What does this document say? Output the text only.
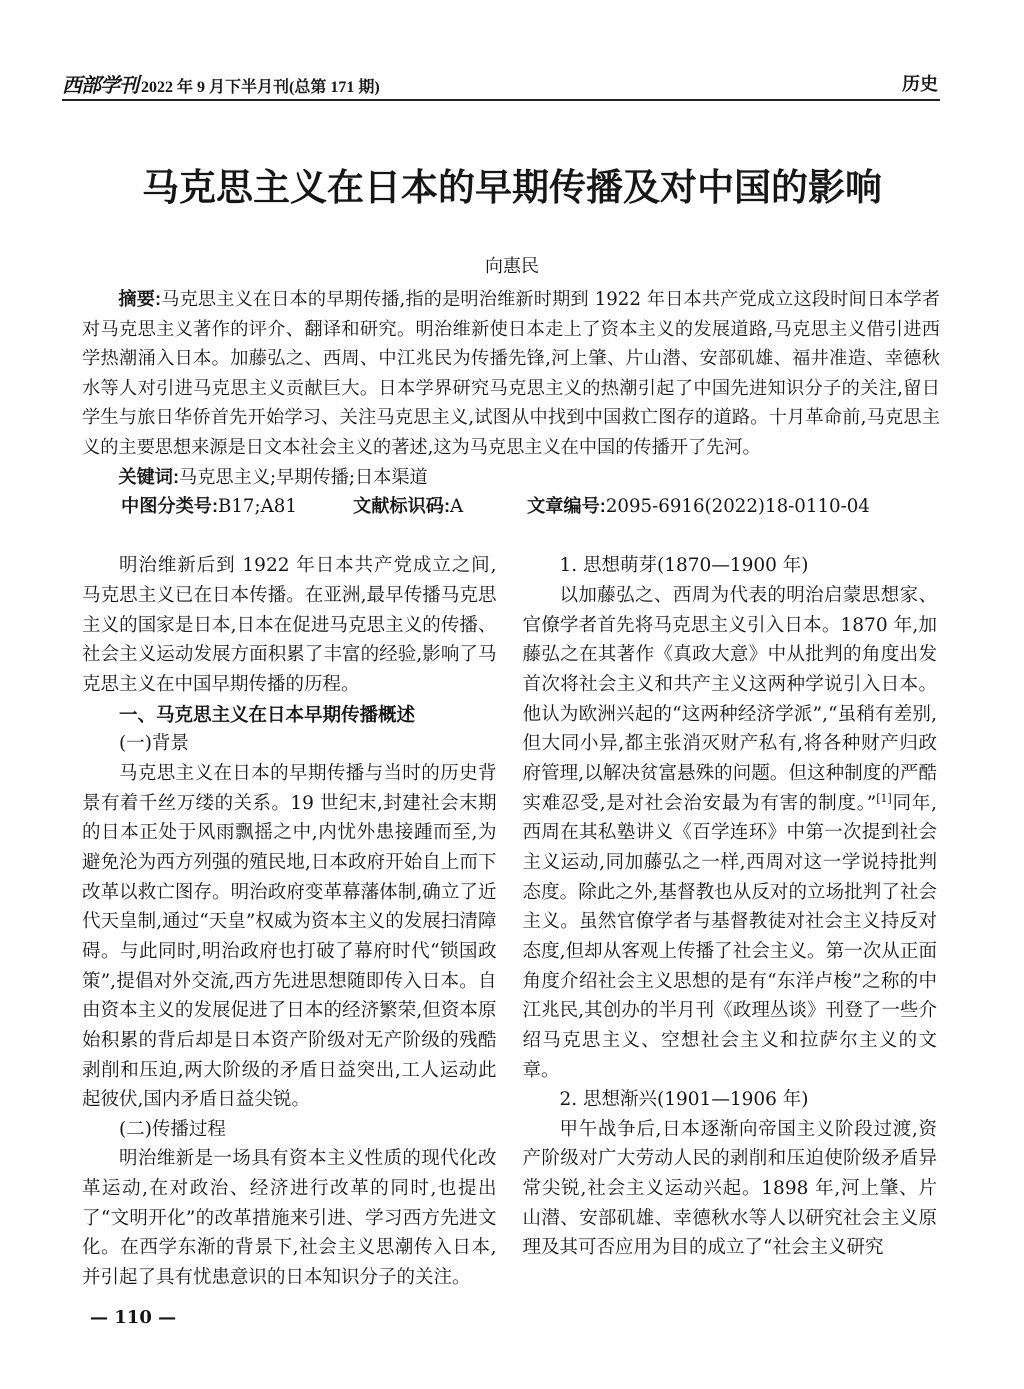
西部学刊 2022 年 9 月下半月刊(总第 171 期)	历史
马克思主义在日本的早期传播及对中国的影响
向惠民

摘要:马克思主义在日本的早期传播,指的是明治维新时期到 1922 年日本共产党成立这段时间日本学者对马克思主义著作的评介、翻译和研究。明治维新使日本走上了资本主义的发展道路,马克思主义借引进西学热潮涌入日本。加藤弘之、西周、中江兆民为传播先锋,河上肇、片山潜、安部矶雄、福井准造、幸德秋水等人对引进马克思主义贡献巨大。日本学界研究马克思主义的热潮引起了中国先进知识分子的关注,留日学生与旅日华侨首先开始学习、关注马克思主义,试图从中找到中国救亡图存的道路。十月革命前,马克思主义的主要思想来源是日文本社会主义的著述,这为马克思主义在中国的传播开了先河。

关键词:马克思主义;早期传播;日本渠道

中图分类号:B17;A81	文献标识码:A	文章编号:2095-6916(2022)18-0110-04

明治维新后到 1922 年日本共产党成立之间,马克思主义已在日本传播。在亚洲,最早传播马克思主义的国家是日本,日本在促进马克思主义的传播、社会主义运动发展方面积累了丰富的经验,影响了马克思主义在中国早期传播的历程。

一、马克思主义在日本早期传播概述
(一)背景

马克思主义在日本的早期传播与当时的历史背景有着千丝万缕的关系。19 世纪末,封建社会末期的日本正处于风雨飘摇之中,内忧外患接踵而至,为避免沦为西方列强的殖民地,日本政府开始自上而下改革以救亡图存。明治政府变革幕藩体制,确立了近代天皇制,通过“天皇”权威为资本主义的发展扫清障碍。与此同时,明治政府也打破了幕府时代“锁国政策”,提倡对外交流,西方先进思想随即传入日本。自由资本主义的发展促进了日本的经济繁荣,但资本原始积累的背后却是日本资产阶级对无产阶级的残酷剥削和压迫,两大阶级的矛盾日益突出,工人运动此起彼伏,国内矛盾日益尖锐。

(二)传播过程

明治维新是一场具有资本主义性质的现代化改革运动,在对政治、经济进行改革的同时,也提出了“文明开化”的改革措施来引进、学习西方先进文化。在西学东渐的背景下,社会主义思潮传入日本,并引起了具有忧患意识的日本知识分子的关注。

1. 思想萌芽(1870—1900 年)

以加藤弘之、西周为代表的明治启蒙思想家、官僚学者首先将马克思主义引入日本。1870 年,加藤弘之在其著作《真政大意》中从批判的角度出发首次将社会主义和共产主义这两种学说引入日本。他认为欧洲兴起的“这两种经济学派”,“虽稍有差别,但大同小异,都主张消灭财产私有,将各种财产归政府管理,以解决贫富悬殊的问题。但这种制度的严酷实难忍受,是对社会治安最为有害的制度。”[1]同年,西周在其私塾讲义《百学连环》中第一次提到社会主义运动,同加藤弘之一样,西周对这一学说持批判态度。除此之外,基督教也从反对的立场批判了社会主义。虽然官僚学者与基督教徒对社会主义持反对态度,但却从客观上传播了社会主义。第一次从正面角度介绍社会主义思想的是有“东洋卢梭”之称的中江兆民,其创办的半月刊《政理丛谈》刊登了一些介绍马克思主义、空想社会主义和拉萨尔主义的文章。

2. 思想渐兴(1901—1906 年)

甲午战争后,日本逐渐向帝国主义阶段过渡,资产阶级对广大劳动人民的剥削和压迫使阶级矛盾异常尖锐,社会主义运动兴起。1898 年,河上肇、片山潜、安部矶雄、幸德秋水等人以研究社会主义原理及其可否应用为目的成立了“社会主义研究

— 110 —
